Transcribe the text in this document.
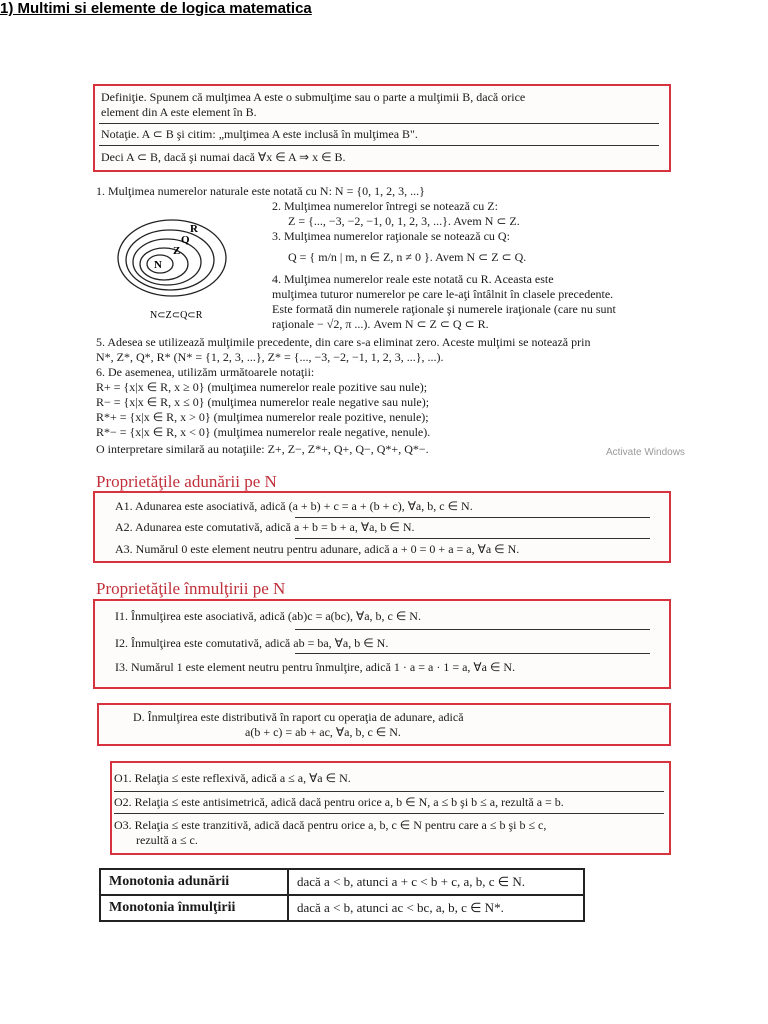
1) Multimi si elemente de logica matematica
Definiţie. Spunem că mulţimea A este o submulţime sau o parte a mulţimii B, dacă orice
element din A este element în B.
Notaţie. A ⊂ B şi citim: „mulţimea A este inclusă în mulţimea B".
Deci A ⊂ B, dacă şi numai dacă ∀x ∈ A ⇒ x ∈ B.
1. Mulţimea numerelor naturale este notată cu N: N = {0, 1, 2, 3, ...}
2. Mulţimea numerelor întregi se notează cu Z:
Z = {..., −3, −2, −1, 0, 1, 2, 3, ...}. Avem N ⊂ Z.
3. Mulţimea numerelor raţionale se notează cu Q:
Q = { m/n | m, n ∈ Z, n ≠ 0 }. Avem N ⊂ Z ⊂ Q.
4. Mulţimea numerelor reale este notată cu R. Aceasta este
mulţimea tuturor numerelor pe care le-aţi întâlnit în clasele precedente.
Este formată din numerele raţionale şi numerele iraţionale (care nu sunt
raţionale − √2, π ...). Avem N ⊂ Z ⊂ Q ⊂ R.
5. Adesea se utilizează mulţimile precedente, din care s-a eliminat zero. Aceste mulţimi se notează prin
N*, Z*, Q*, R* (N* = {1, 2, 3, ...}, Z* = {..., −3, −2, −1, 1, 2, 3, ...}, ...).
6. De asemenea, utilizăm următoarele notaţii:
R+ = {x|x ∈ R, x ≥ 0} (mulţimea numerelor reale pozitive sau nule);
R− = {x|x ∈ R, x ≤ 0} (mulţimea numerelor reale negative sau nule);
R*+ = {x|x ∈ R, x > 0} (mulţimea numerelor reale pozitive, nenule);
R*− = {x|x ∈ R, x < 0} (mulţimea numerelor reale negative, nenule).
O interpretare similară au notaţiile: Z+, Z−, Z*+, Q+, Q−, Q*+, Q*−.
N
Z
Q
R
N⊂Z⊂Q⊂R
Activate Windows
Proprietăţile adunării pe N
A1. Adunarea este asociativă, adică (a + b) + c = a + (b + c), ∀a, b, c ∈ N.
A2. Adunarea este comutativă, adică a + b = b + a, ∀a, b ∈ N.
A3. Numărul 0 este element neutru pentru adunare, adică a + 0 = 0 + a = a, ∀a ∈ N.
Proprietăţile înmulţirii pe N
I1. Înmulţirea este asociativă, adică (ab)c = a(bc), ∀a, b, c ∈ N.
I2. Înmulţirea este comutativă, adică ab = ba, ∀a, b ∈ N.
I3. Numărul 1 este element neutru pentru înmulţire, adică 1 · a = a · 1 = a, ∀a ∈ N.
D. Înmulţirea este distributivă în raport cu operaţia de adunare, adică
a(b + c) = ab + ac, ∀a, b, c ∈ N.
O1. Relaţia ≤ este reflexivă, adică a ≤ a, ∀a ∈ N.
O2. Relaţia ≤ este antisimetrică, adică dacă pentru orice a, b ∈ N, a ≤ b şi b ≤ a, rezultă a = b.
O3. Relaţia ≤ este tranzitivă, adică dacă pentru orice a, b, c ∈ N pentru care a ≤ b şi b ≤ c,
rezultă a ≤ c.
Monotonia adunării	dacă a < b, atunci a + c < b + c, a, b, c ∈ N.
Monotonia înmulţirii	dacă a < b, atunci ac < bc, a, b, c ∈ N*.
